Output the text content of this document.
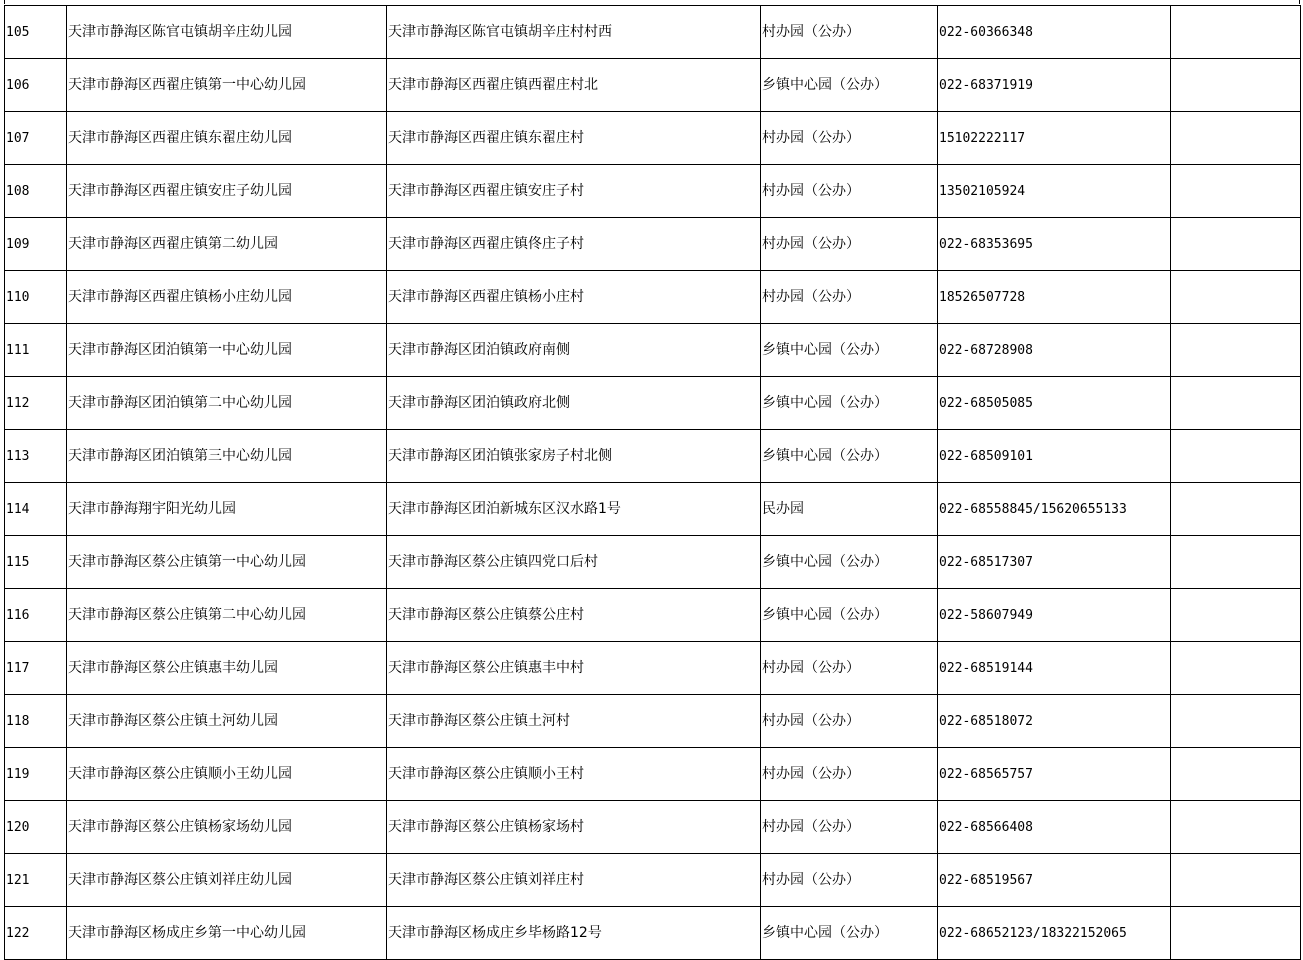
105	天津市静海区陈官屯镇胡辛庄幼儿园	天津市静海区陈官屯镇胡辛庄村村西	村办园（公办）	022-60366348	
106	天津市静海区西翟庄镇第一中心幼儿园	天津市静海区西翟庄镇西翟庄村北	乡镇中心园（公办）	022-68371919	
107	天津市静海区西翟庄镇东翟庄幼儿园	天津市静海区西翟庄镇东翟庄村	村办园（公办）	15102222117	
108	天津市静海区西翟庄镇安庄子幼儿园	天津市静海区西翟庄镇安庄子村	村办园（公办）	13502105924	
109	天津市静海区西翟庄镇第二幼儿园	天津市静海区西翟庄镇佟庄子村	村办园（公办）	022-68353695	
110	天津市静海区西翟庄镇杨小庄幼儿园	天津市静海区西翟庄镇杨小庄村	村办园（公办）	18526507728	
111	天津市静海区团泊镇第一中心幼儿园	天津市静海区团泊镇政府南侧	乡镇中心园（公办）	022-68728908	
112	天津市静海区团泊镇第二中心幼儿园	天津市静海区团泊镇政府北侧	乡镇中心园（公办）	022-68505085	
113	天津市静海区团泊镇第三中心幼儿园	天津市静海区团泊镇张家房子村北侧	乡镇中心园（公办）	022-68509101	
114	天津市静海翔宇阳光幼儿园	天津市静海区团泊新城东区汉水路1号	民办园	022-68558845/15620655133	
115	天津市静海区蔡公庄镇第一中心幼儿园	天津市静海区蔡公庄镇四党口后村	乡镇中心园（公办）	022-68517307	
116	天津市静海区蔡公庄镇第二中心幼儿园	天津市静海区蔡公庄镇蔡公庄村	乡镇中心园（公办）	022-58607949	
117	天津市静海区蔡公庄镇惠丰幼儿园	天津市静海区蔡公庄镇惠丰中村	村办园（公办）	022-68519144	
118	天津市静海区蔡公庄镇土河幼儿园	天津市静海区蔡公庄镇土河村	村办园（公办）	022-68518072	
119	天津市静海区蔡公庄镇顺小王幼儿园	天津市静海区蔡公庄镇顺小王村	村办园（公办）	022-68565757	
120	天津市静海区蔡公庄镇杨家场幼儿园	天津市静海区蔡公庄镇杨家场村	村办园（公办）	022-68566408	
121	天津市静海区蔡公庄镇刘祥庄幼儿园	天津市静海区蔡公庄镇刘祥庄村	村办园（公办）	022-68519567	
122	天津市静海区杨成庄乡第一中心幼儿园	天津市静海区杨成庄乡毕杨路12号	乡镇中心园（公办）	022-68652123/18322152065	
